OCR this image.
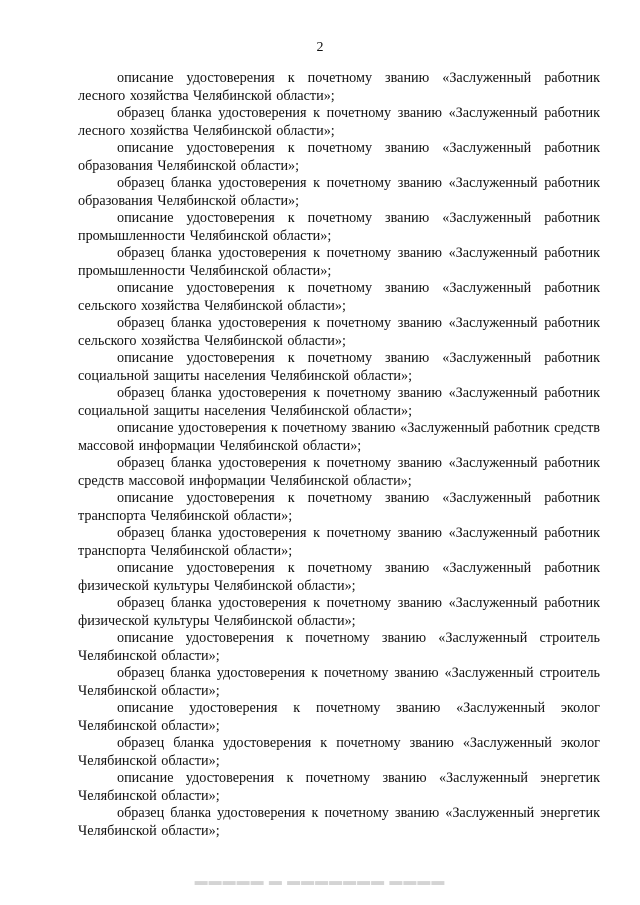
2

описание удостоверения к почетному званию «Заслуженный работник лесного хозяйства Челябинской области»;

образец бланка удостоверения к почетному званию «Заслуженный работник лесного хозяйства Челябинской области»;

описание удостоверения к почетному званию «Заслуженный работник образования Челябинской области»;

образец бланка удостоверения к почетному званию «Заслуженный работник образования Челябинской области»;

описание удостоверения к почетному званию «Заслуженный работник промышленности Челябинской области»;

образец бланка удостоверения к почетному званию «Заслуженный работник промышленности Челябинской области»;

описание удостоверения к почетному званию «Заслуженный работник сельского хозяйства Челябинской области»;

образец бланка удостоверения к почетному званию «Заслуженный работник сельского хозяйства Челябинской области»;

описание удостоверения к почетному званию «Заслуженный работник социальной защиты населения Челябинской области»;

образец бланка удостоверения к почетному званию «Заслуженный работник социальной защиты населения Челябинской области»;

описание удостоверения к почетному званию «Заслуженный работник средств массовой информации Челябинской области»;

образец бланка удостоверения к почетному званию «Заслуженный работник средств массовой информации Челябинской области»;

описание удостоверения к почетному званию «Заслуженный работник транспорта Челябинской области»;

образец бланка удостоверения к почетному званию «Заслуженный работник транспорта Челябинской области»;

описание удостоверения к почетному званию «Заслуженный работник физической культуры Челябинской области»;

образец бланка удостоверения к почетному званию «Заслуженный работник физической культуры Челябинской области»;

описание удостоверения к почетному званию «Заслуженный строитель Челябинской области»;

образец бланка удостоверения к почетному званию «Заслуженный строитель Челябинской области»;

описание удостоверения к почетному званию «Заслуженный эколог Челябинской области»;

образец бланка удостоверения к почетному званию «Заслуженный эколог Челябинской области»;

описание удостоверения к почетному званию «Заслуженный энергетик Челябинской области»;

образец бланка удостоверения к почетному званию «Заслуженный энергетик Челябинской области»;

▬▬▬▬▬ ▬ ▬▬▬▬▬▬▬ ▬▬▬▬
